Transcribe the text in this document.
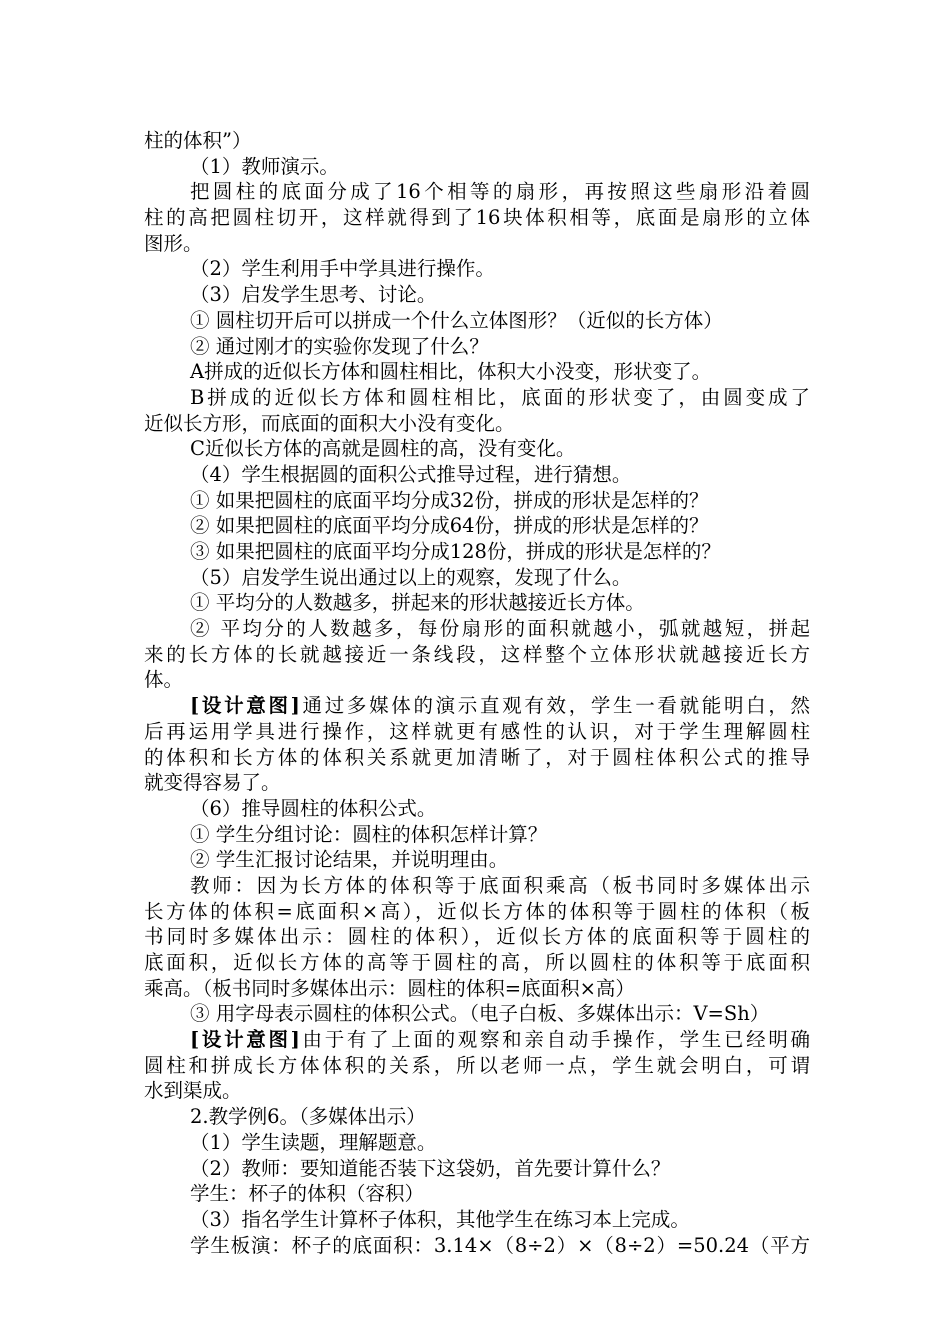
柱的体积”）
（1）教师演示。
把圆柱的底面分成了16个相等的扇形，再按照这些扇形沿着圆
柱的高把圆柱切开，这样就得到了16块体积相等，底面是扇形的立体
图形。
（2）学生利用手中学具进行操作。
（3）启发学生思考、讨论。
① 圆柱切开后可以拼成一个什么立体图形？（近似的长方体）
② 通过刚才的实验你发现了什么？
A拼成的近似长方体和圆柱相比，体积大小没变，形状变了。
B拼成的近似长方体和圆柱相比，底面的形状变了，由圆变成了
近似长方形，而底面的面积大小没有变化。
C近似长方体的高就是圆柱的高，没有变化。
（4）学生根据圆的面积公式推导过程，进行猜想。
① 如果把圆柱的底面平均分成32份，拼成的形状是怎样的？
② 如果把圆柱的底面平均分成64份，拼成的形状是怎样的？
③ 如果把圆柱的底面平均分成128份，拼成的形状是怎样的？
（5）启发学生说出通过以上的观察，发现了什么。
① 平均分的人数越多，拼起来的形状越接近长方体。
② 平均分的人数越多，每份扇形的面积就越小，弧就越短，拼起
来的长方体的长就越接近一条线段，这样整个立体形状就越接近长方
体。
[设计意图]通过多媒体的演示直观有效，学生一看就能明白，然
后再运用学具进行操作，这样就更有感性的认识，对于学生理解圆柱
的体积和长方体的体积关系就更加清晰了，对于圆柱体积公式的推导
就变得容易了。
（6）推导圆柱的体积公式。
① 学生分组讨论：圆柱的体积怎样计算？
② 学生汇报讨论结果，并说明理由。
教师：因为长方体的体积等于底面积乘高（板书同时多媒体出示
长方体的体积=底面积×高），近似长方体的体积等于圆柱的体积（板
书同时多媒体出示：圆柱的体积），近似长方体的底面积等于圆柱的
底面积，近似长方体的高等于圆柱的高，所以圆柱的体积等于底面积
乘高。（板书同时多媒体出示：圆柱的体积=底面积×高）
③ 用字母表示圆柱的体积公式。（电子白板、多媒体出示：V=Sh）
[设计意图]由于有了上面的观察和亲自动手操作，学生已经明确
圆柱和拼成长方体体积的关系，所以老师一点，学生就会明白，可谓
水到渠成。
2.教学例6。（多媒体出示）
（1）学生读题，理解题意。
（2）教师：要知道能否装下这袋奶，首先要计算什么？
学生：杯子的体积（容积）
（3）指名学生计算杯子体积，其他学生在练习本上完成。
学生板演：杯子的底面积：3.14×（8÷2）×（8÷2）=50.24（平方
